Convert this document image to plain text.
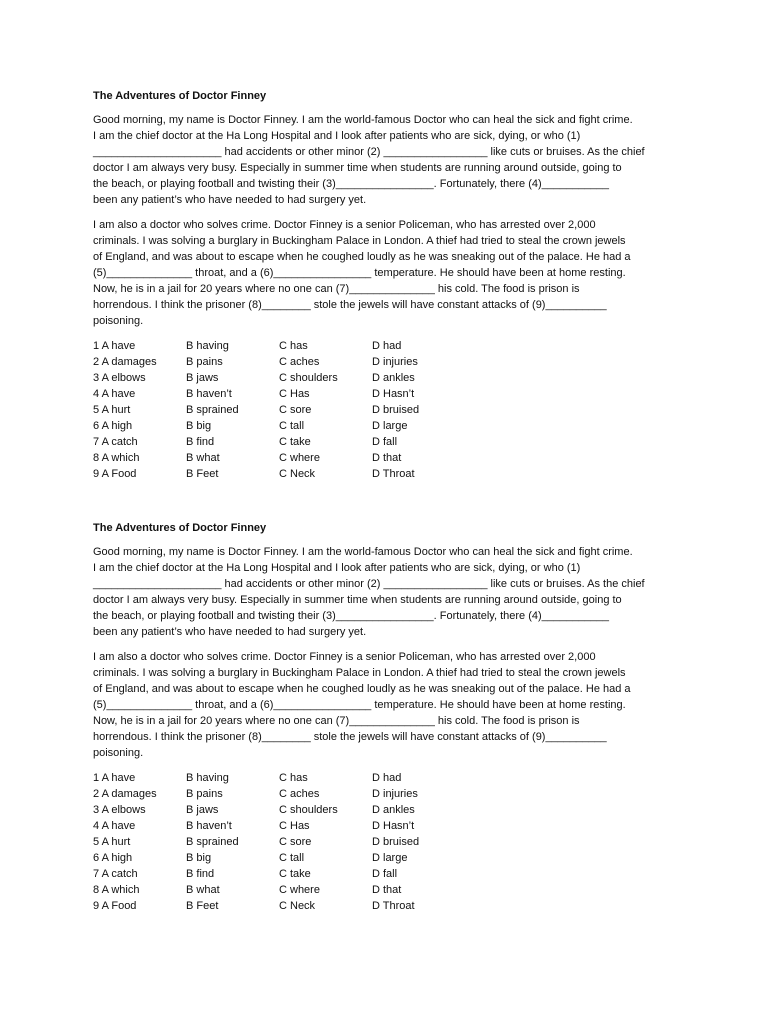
The Adventures of Doctor Finney
Good morning, my name is Doctor Finney. I am the world-famous Doctor who can heal the sick and fight crime.
I am the chief doctor at the Ha Long Hospital and I look after patients who are sick, dying, or who (1)
_____________________ had accidents or other minor (2) _________________ like cuts or bruises. As the chief
doctor I am always very busy. Especially in summer time when students are running around outside, going to
the beach, or playing football and twisting their (3)________________. Fortunately, there (4)___________
been any patient’s who have needed to had surgery yet.
I am also a doctor who solves crime. Doctor Finney is a senior Policeman, who has arrested over 2,000
criminals. I was solving a burglary in Buckingham Palace in London. A thief had tried to steal the crown jewels
of England, and was about to escape when he coughed loudly as he was sneaking out of the palace. He had a
(5)______________ throat, and a (6)________________ temperature. He should have been at home resting.
Now, he is in a jail for 20 years where no one can (7)______________ his cold. The food is prison is
horrendous. I think the prisoner (8)________ stole the jewels will have constant attacks of (9)__________
poisoning.
1 A have	B having	C has	D had
2 A damages	B pains	C aches	D injuries
3 A elbows	B jaws	C shoulders	D ankles
4 A have	B haven’t	C Has	D Hasn’t
5 A hurt	B sprained	C sore	D bruised
6 A high	B big	C tall	D large
7 A catch	B find	C take	D fall
8 A which	B what	C where	D that
9 A Food	B Feet	C Neck	D Throat
The Adventures of Doctor Finney
Good morning, my name is Doctor Finney. I am the world-famous Doctor who can heal the sick and fight crime.
I am the chief doctor at the Ha Long Hospital and I look after patients who are sick, dying, or who (1)
_____________________ had accidents or other minor (2) _________________ like cuts or bruises. As the chief
doctor I am always very busy. Especially in summer time when students are running around outside, going to
the beach, or playing football and twisting their (3)________________. Fortunately, there (4)___________
been any patient’s who have needed to had surgery yet.
I am also a doctor who solves crime. Doctor Finney is a senior Policeman, who has arrested over 2,000
criminals. I was solving a burglary in Buckingham Palace in London. A thief had tried to steal the crown jewels
of England, and was about to escape when he coughed loudly as he was sneaking out of the palace. He had a
(5)______________ throat, and a (6)________________ temperature. He should have been at home resting.
Now, he is in a jail for 20 years where no one can (7)______________ his cold. The food is prison is
horrendous. I think the prisoner (8)________ stole the jewels will have constant attacks of (9)__________
poisoning.
1 A have	B having	C has	D had
2 A damages	B pains	C aches	D injuries
3 A elbows	B jaws	C shoulders	D ankles
4 A have	B haven’t	C Has	D Hasn’t
5 A hurt	B sprained	C sore	D bruised
6 A high	B big	C tall	D large
7 A catch	B find	C take	D fall
8 A which	B what	C where	D that
9 A Food	B Feet	C Neck	D Throat
